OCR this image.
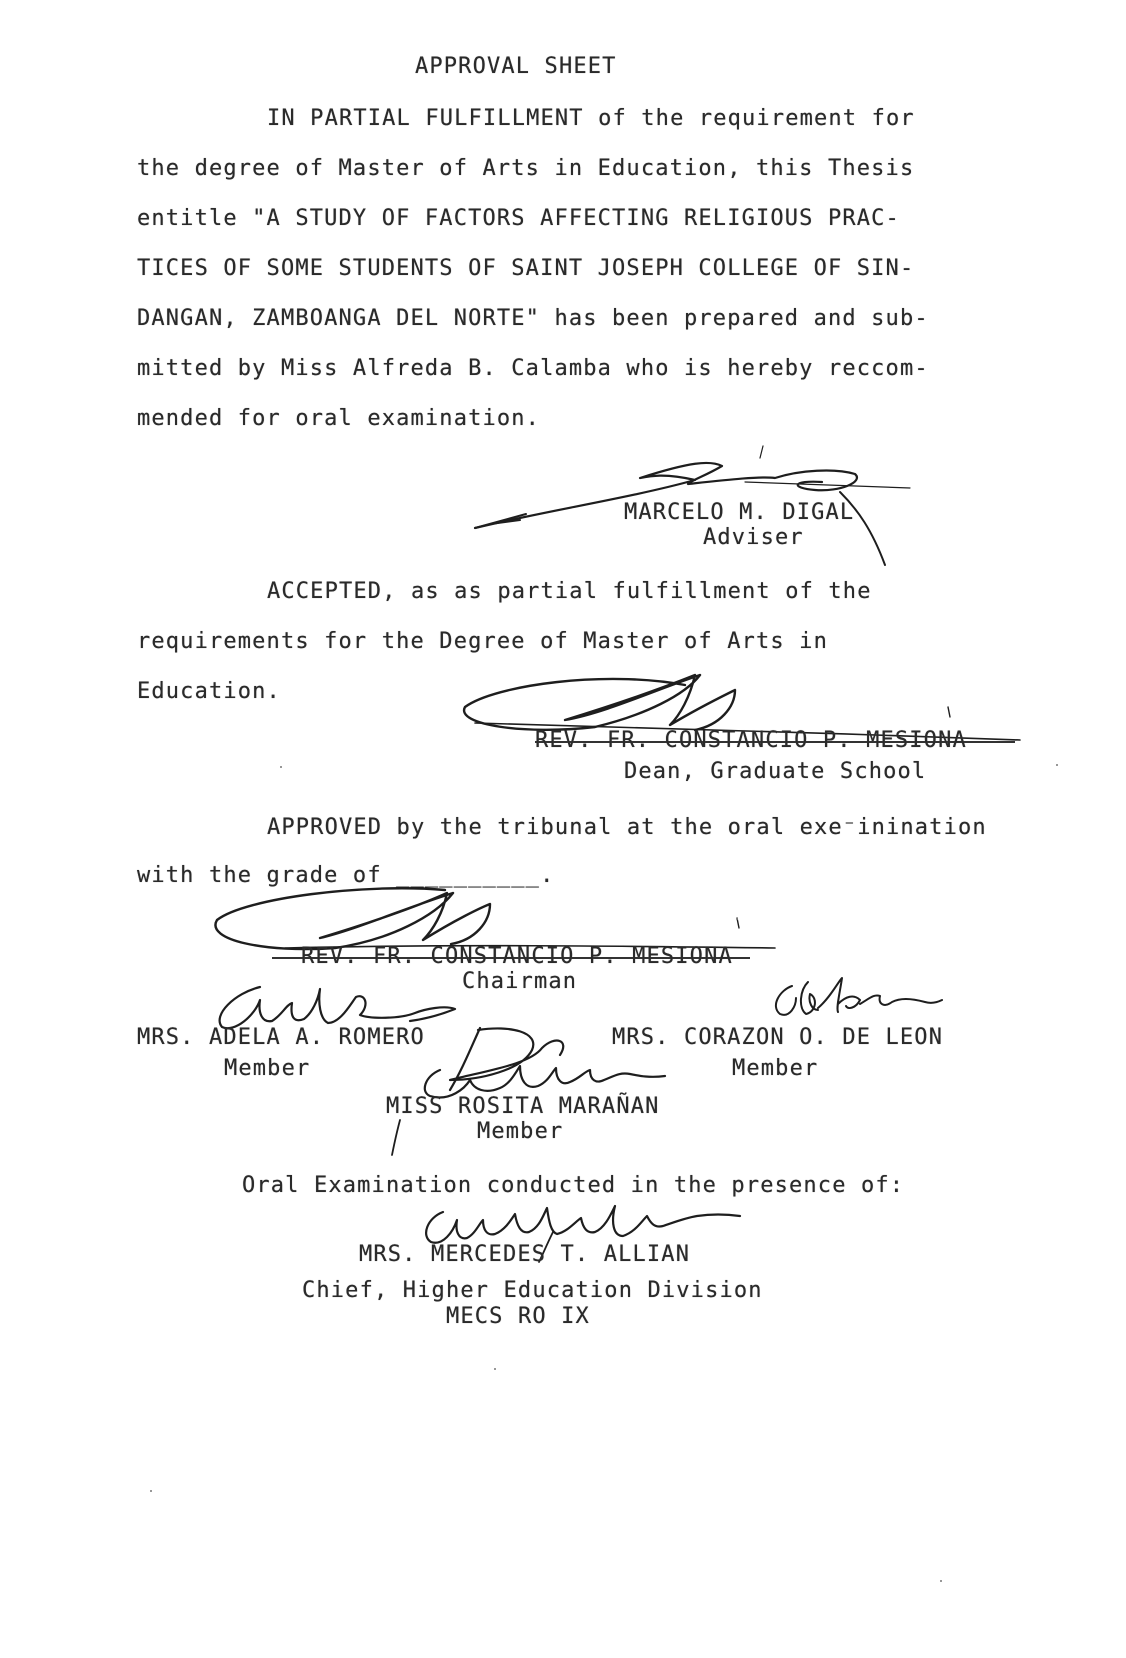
APPROVAL SHEET
IN PARTIAL FULFILLMENT of the requirement for
the degree of Master of Arts in Education, this Thesis
entitle "A STUDY OF FACTORS AFFECTING RELIGIOUS PRAC-
TICES OF SOME STUDENTS OF SAINT JOSEPH COLLEGE OF SIN-
DANGAN, ZAMBOANGA DEL NORTE" has been prepared and sub-
mitted by Miss Alfreda B. Calamba who is hereby reccom-
mended for oral examination.
MARCELO M. DIGAL
Adviser
ACCEPTED, as as partial fulfillment of the
requirements for the Degree of Master of Arts in
Education.
REV. FR. CONSTANCIO P. MESIONA
Dean, Graduate School
APPROVED by the tribunal at the oral exe⁻inination
with the grade of __________.
REV. FR. CONSTANCIO P. MESIONA
Chairman
MRS. ADELA A. ROMERO
Member
MRS. CORAZON O. DE LEON
Member
MISS ROSITA MARAÑAN
Member
Oral Examination conducted in the presence of:
MRS. MERCEDES T. ALLIAN
Chief, Higher Education Division
MECS RO IX
